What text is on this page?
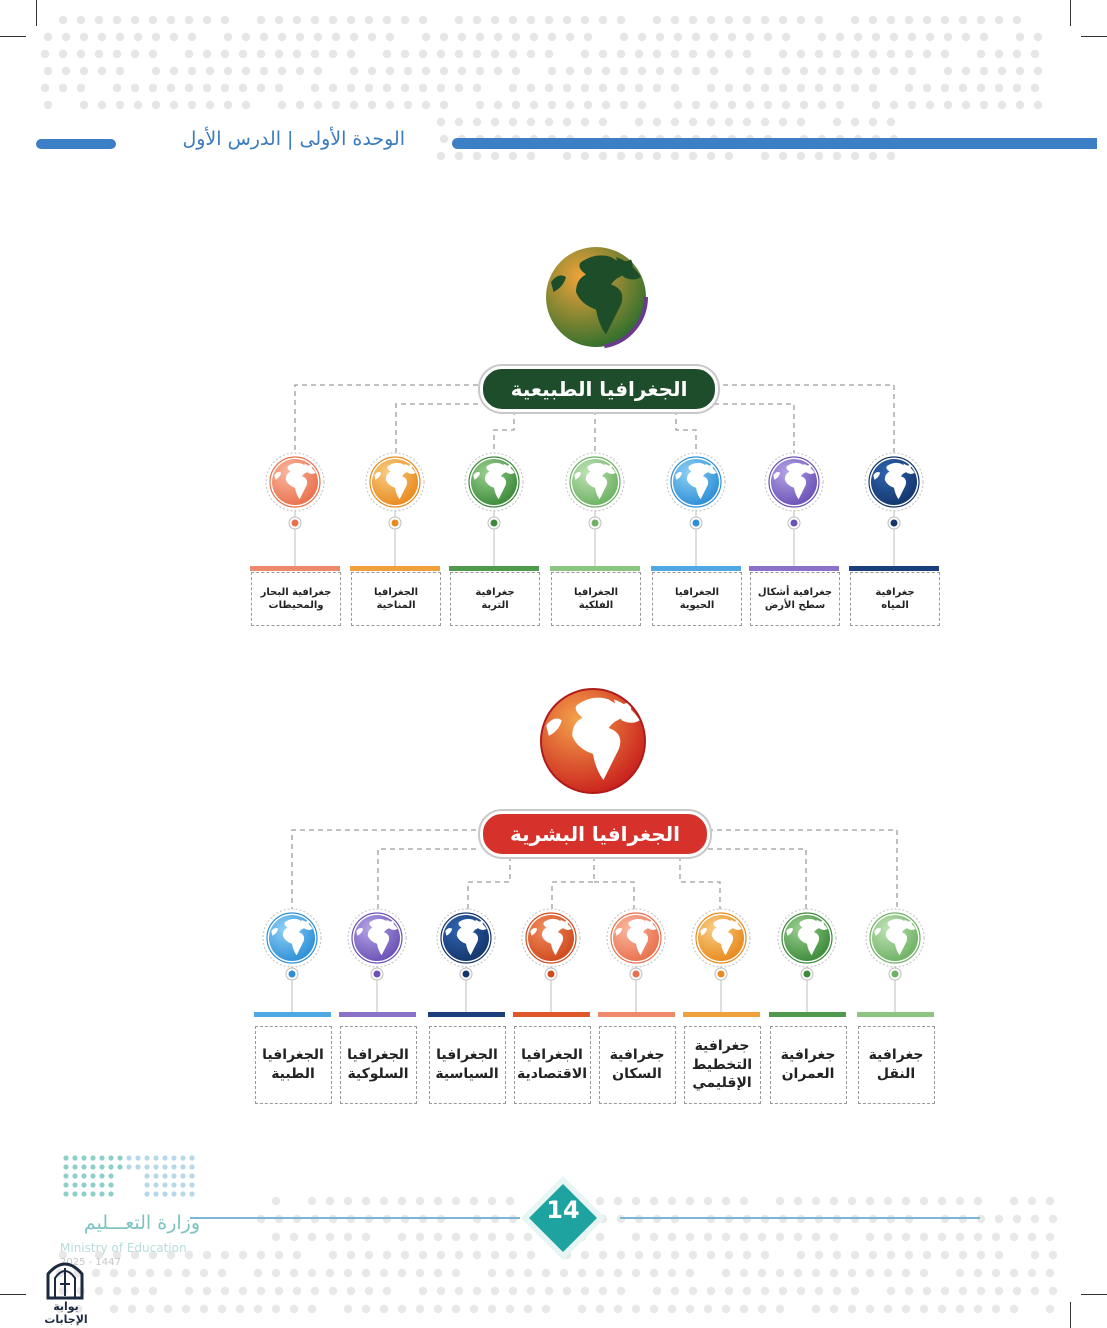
الوحدة الأولى | الدرس الأول
الجغرافيا الطبيعية
الجغرافيا البشرية
جغرافية
المياه
جغرافية أشكال
سطح الأرض
الجغرافيا
الحيوية
الجغرافيا
الفلكية
جغرافية
التربة
الجغرافيا
المناخية
جغرافية البحار
والمحيطات
جغرافية
النقل
جغرافية
العمران
جغرافية
التخطيط
الإقليمي
جغرافية
السكان
الجغرافيا
الاقتصادية
الجغرافيا
السياسية
الجغرافيا
السلوكية
الجغرافيا
الطبية
14
وزارة التعـــليم
Ministry of Education
2025 - 1447
بوابة الإجابات
